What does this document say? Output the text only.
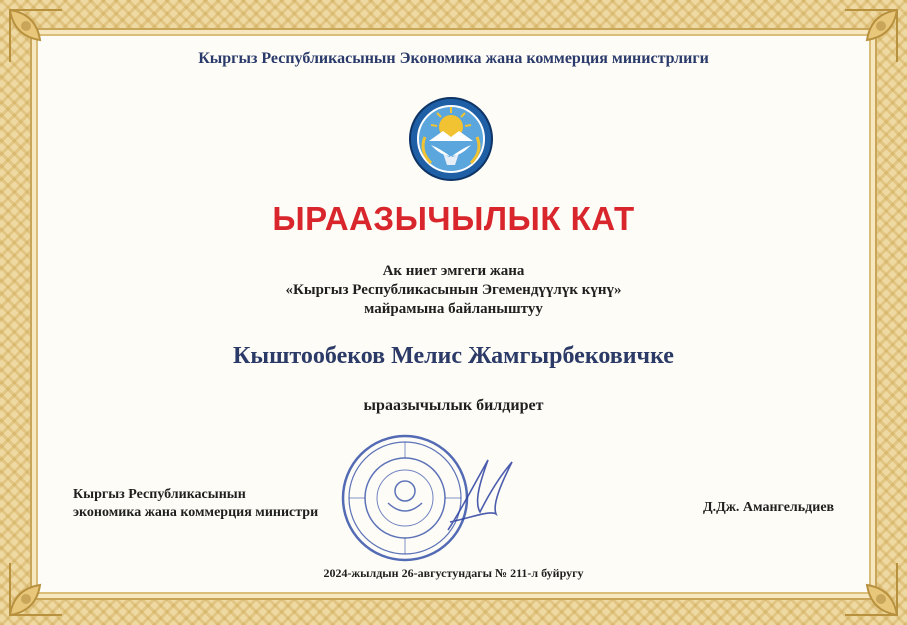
Кыргыз Республикасынын Экономика жана коммерция министрлиги
ЫРААЗЫЧЫЛЫК КАТ
Ак ниет эмгеги жана
«Кыргыз Республикасынын Эгемендүүлүк күнү»
майрамына байланыштуу
Кыштообеков Мелис Жамгырбековичке
ыраазычылык билдирет
Кыргыз Республикасынын
экономика жана коммерция министри	Д.Дж. Амангельдиев
2024-жылдын 26-августундагы № 211-л буйругу
